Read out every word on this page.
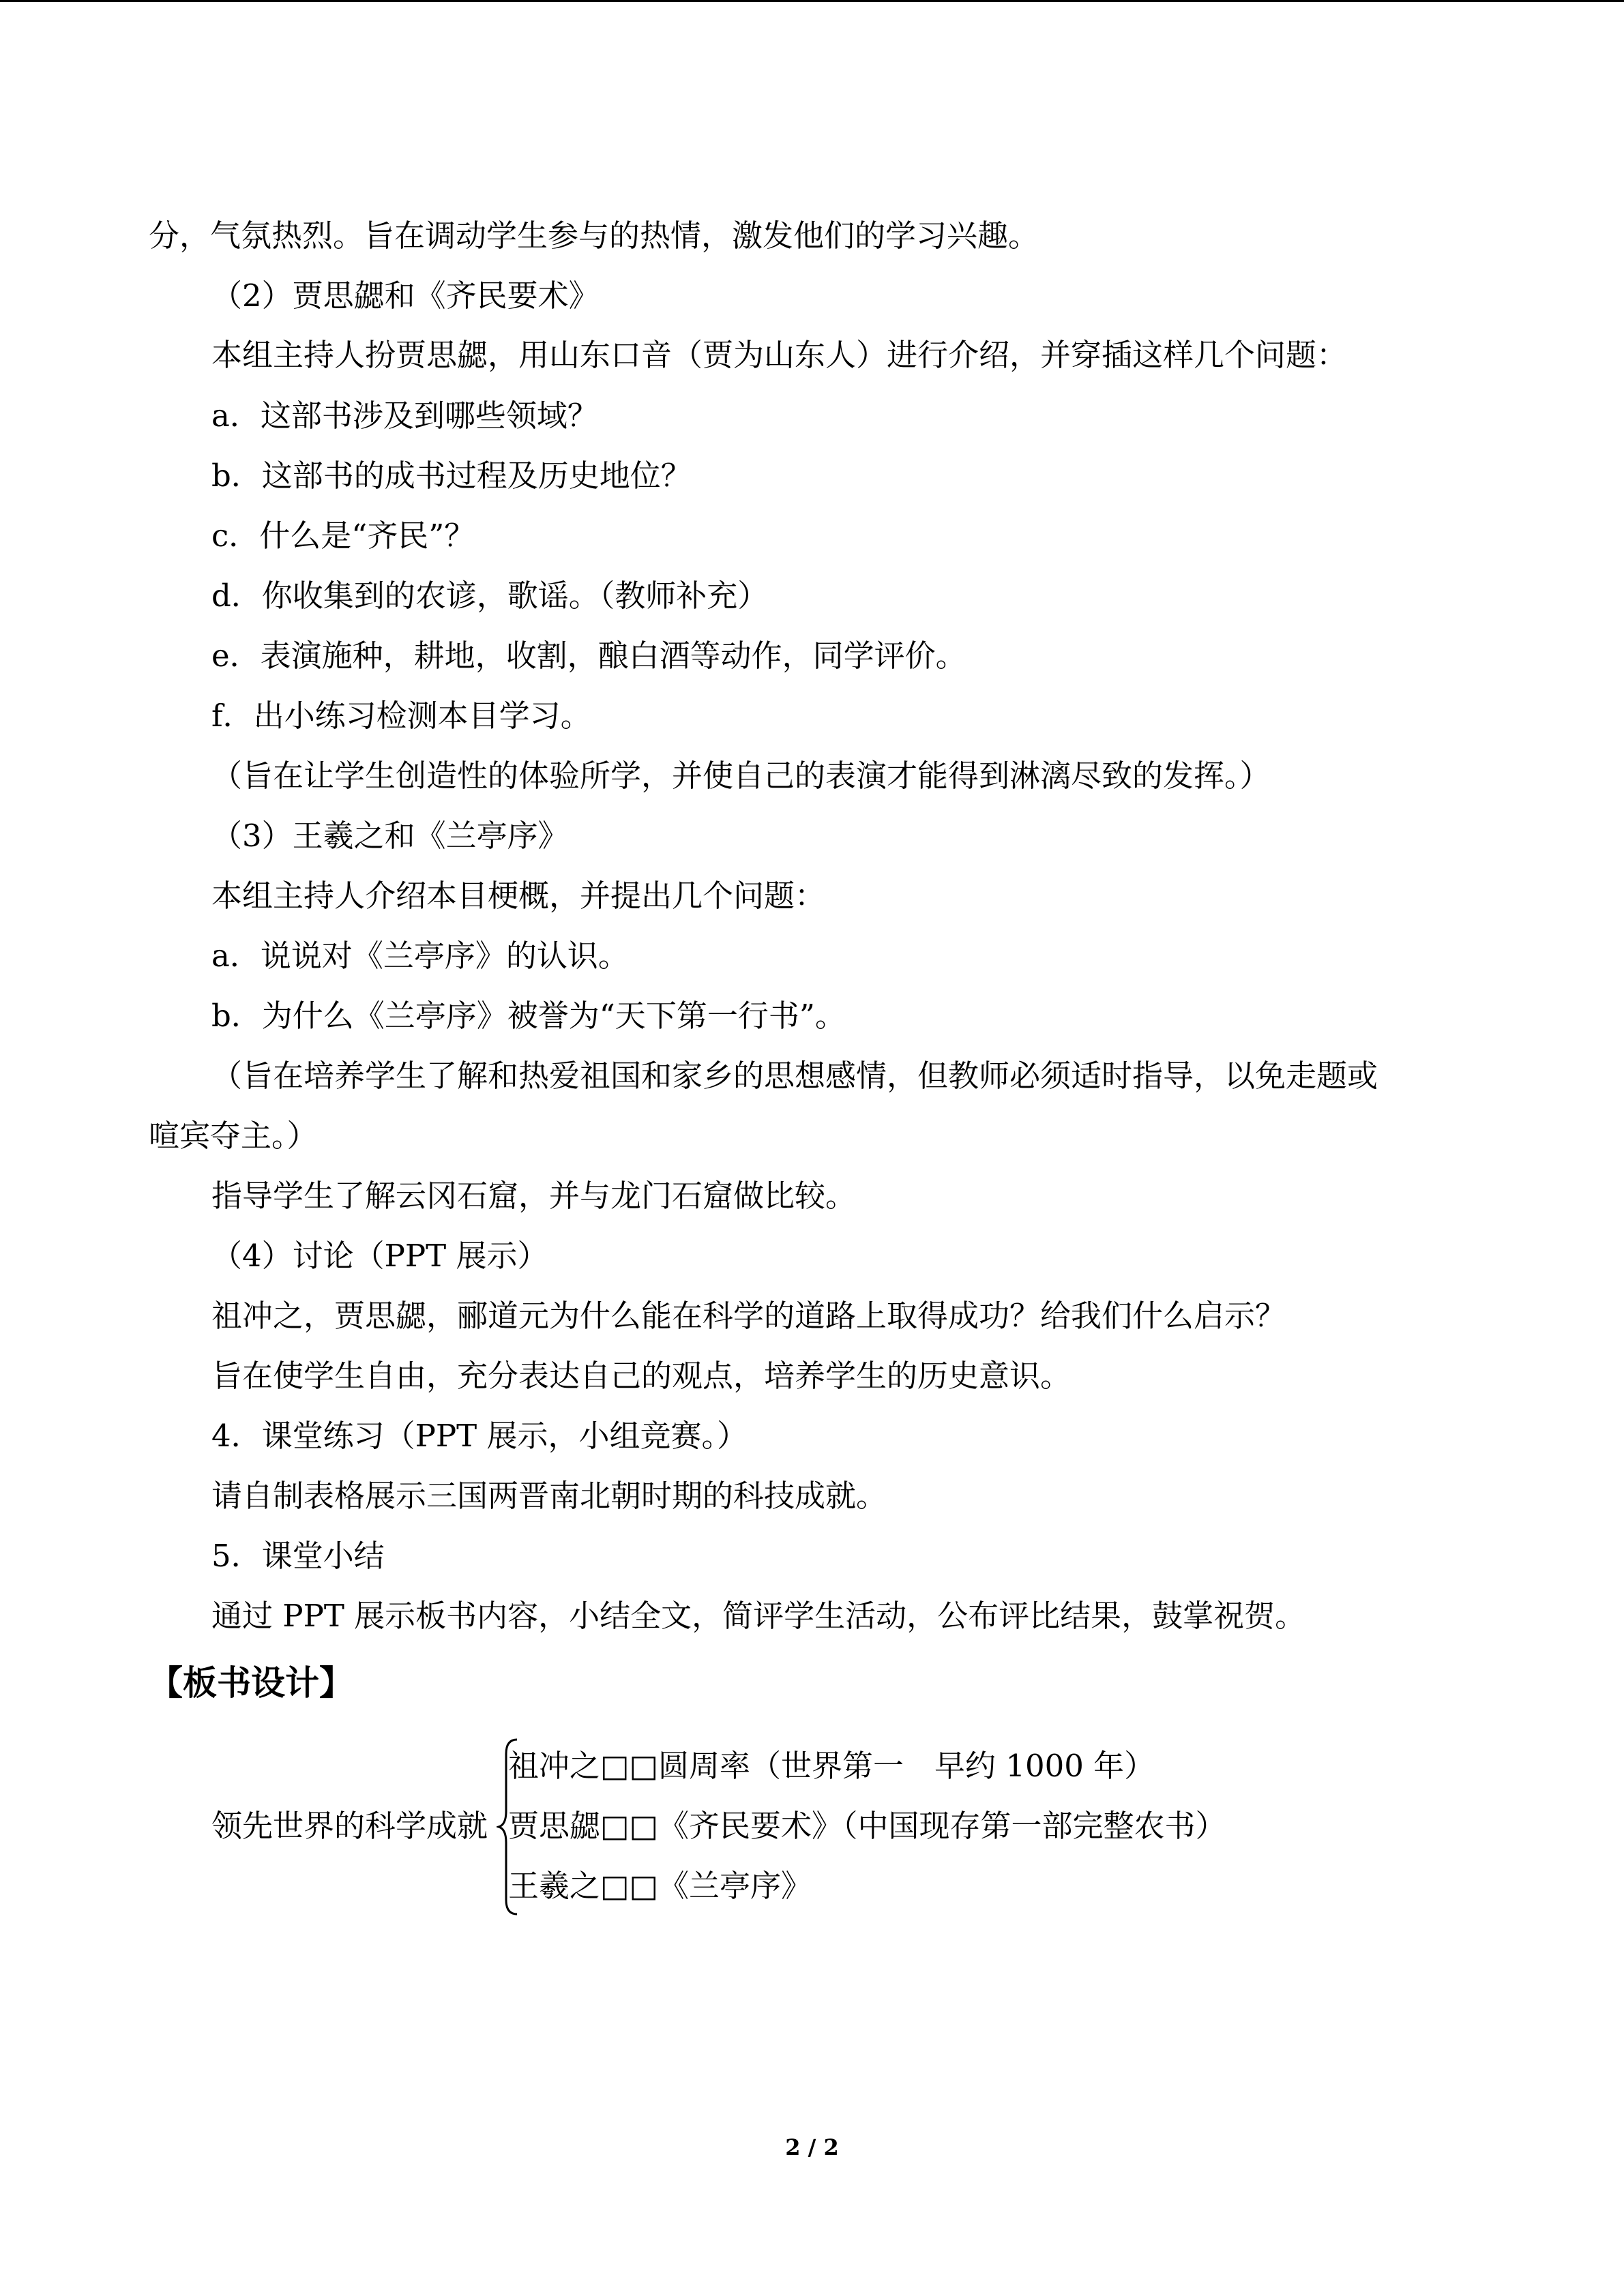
分，气氛热烈。旨在调动学生参与的热情，激发他们的学习兴趣。
（2）贾思勰和《齐民要术》
本组主持人扮贾思勰，用山东口音（贾为山东人）进行介绍，并穿插这样几个问题：
a．这部书涉及到哪些领域？
b．这部书的成书过程及历史地位？
c．什么是“齐民”？
d．你收集到的农谚，歌谣。（教师补充）
e．表演施种，耕地，收割，酿白酒等动作，同学评价。
f．出小练习检测本目学习。
（旨在让学生创造性的体验所学，并使自己的表演才能得到淋漓尽致的发挥。）
（3）王羲之和《兰亭序》
本组主持人介绍本目梗概，并提出几个问题：
a．说说对《兰亭序》的认识。
b．为什么《兰亭序》被誉为“天下第一行书”。
（旨在培养学生了解和热爱祖国和家乡的思想感情，但教师必须适时指导，以免走题或
喧宾夺主。）
指导学生了解云冈石窟，并与龙门石窟做比较。
（4）讨论（PPT 展示）
祖冲之，贾思勰，郦道元为什么能在科学的道路上取得成功？给我们什么启示？
旨在使学生自由，充分表达自己的观点，培养学生的历史意识。
4．课堂练习（PPT 展示，小组竞赛。）
请自制表格展示三国两晋南北朝时期的科技成就。
5．课堂小结
通过 PPT 展示板书内容，小结全文，简评学生活动，公布评比结果，鼓掌祝贺。
【板书设计】
领先世界的科学成就
祖冲之□□圆周率（世界第一　早约 1000 年）
贾思勰□□《齐民要术》（中国现存第一部完整农书）
王羲之□□《兰亭序》
2 / 2
